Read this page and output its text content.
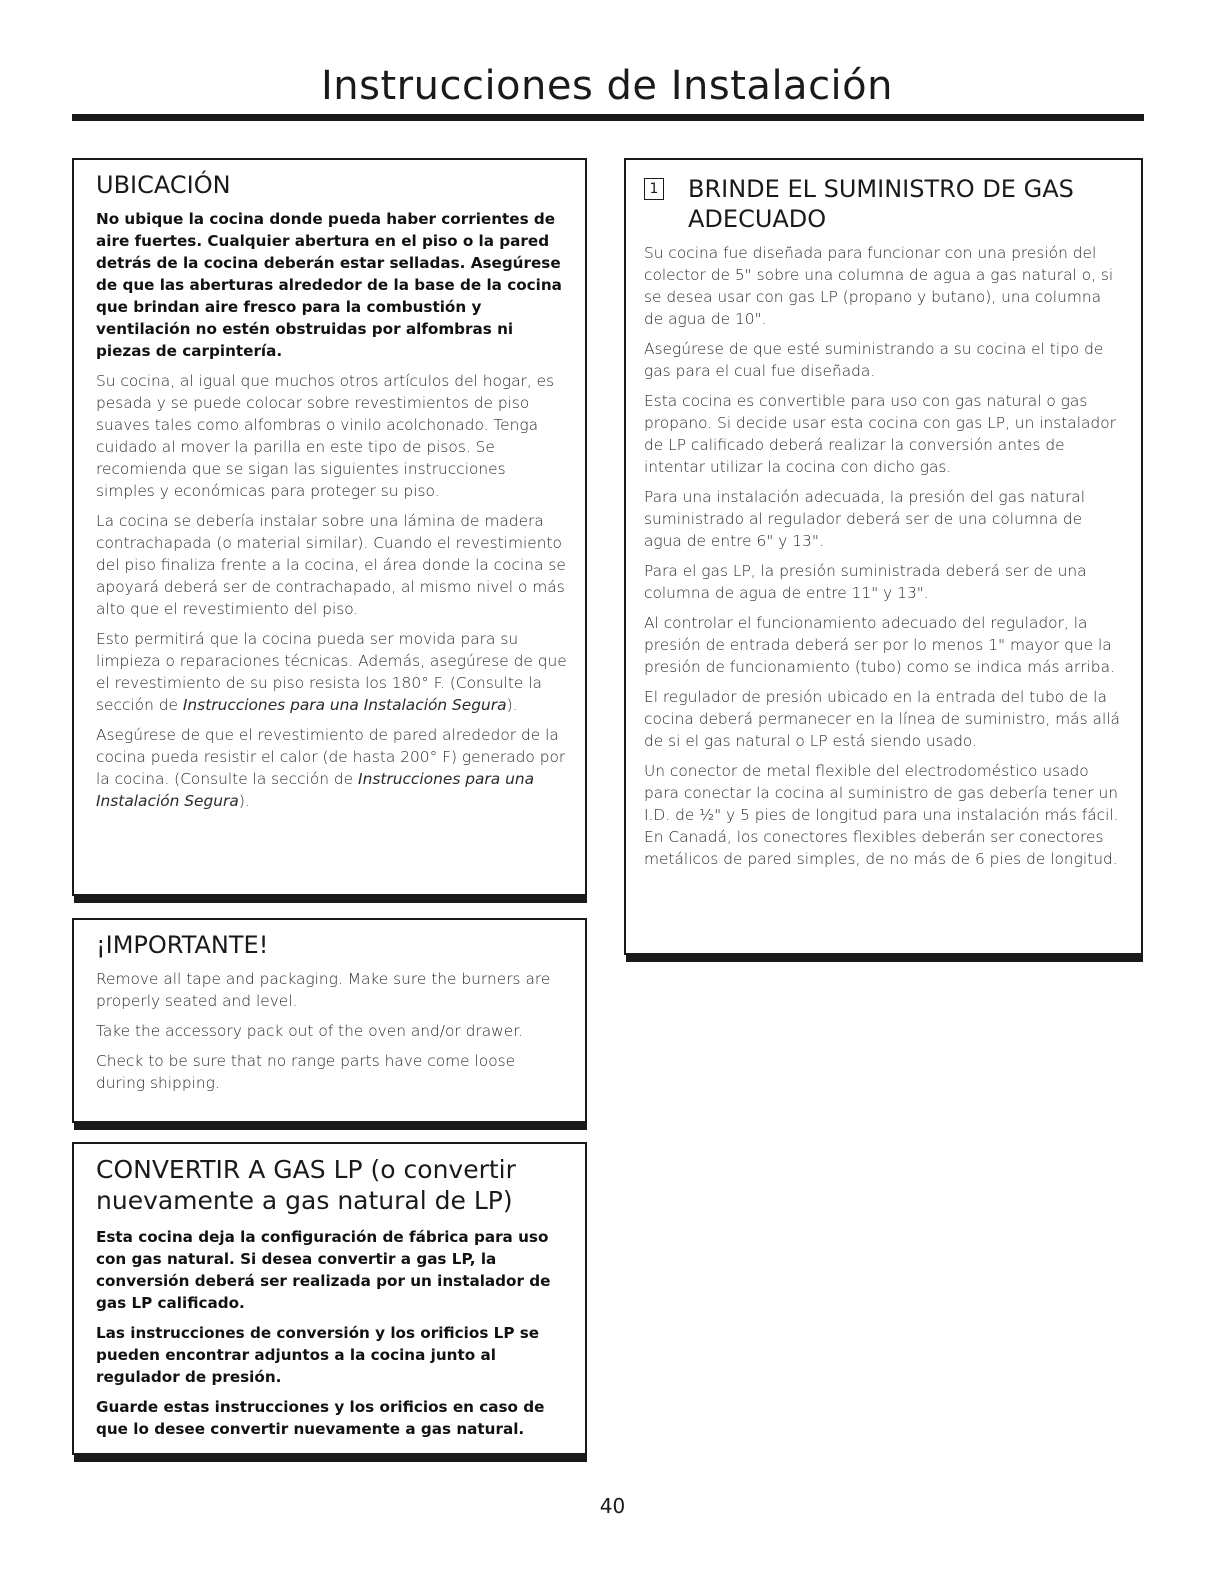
Instrucciones de Instalación
UBICACIÓN

No ubique la cocina donde pueda haber corrientes de aire fuertes. Cualquier abertura en el piso o la pared detrás de la cocina deberán estar selladas. Asegúrese de que las aberturas alrededor de la base de la cocina que brindan aire fresco para la combustión y ventilación no estén obstruidas por alfombras ni piezas de carpintería.

Su cocina, al igual que muchos otros artículos del hogar, es pesada y se puede colocar sobre revestimientos de piso suaves tales como alfombras o vinilo acolchonado. Tenga cuidado al mover la parilla en este tipo de pisos. Se recomienda que se sigan las siguientes instrucciones simples y económicas para proteger su piso.

La cocina se debería instalar sobre una lámina de madera contrachapada (o material similar). Cuando el revestimiento del piso finaliza frente a la cocina, el área donde la cocina se apoyará deberá ser de contrachapado, al mismo nivel o más alto que el revestimiento del piso.

Esto permitirá que la cocina pueda ser movida para su limpieza o reparaciones técnicas. Además, asegúrese de que el revestimiento de su piso resista los 180° F. (Consulte la sección de Instrucciones para una Instalación Segura).

Asegúrese de que el revestimiento de pared alrededor de la cocina pueda resistir el calor (de hasta 200° F) generado por la cocina. (Consulte la sección de Instrucciones para una Instalación Segura).

¡IMPORTANTE!

Remove all tape and packaging. Make sure the burners are properly seated and level.

Take the accessory pack out of the oven and/or drawer.

Check to be sure that no range parts have come loose during shipping.

CONVERTIR A GAS LP (o convertir nuevamente a gas natural de LP)

Esta cocina deja la configuración de fábrica para uso con gas natural. Si desea convertir a gas LP, la conversión deberá ser realizada por un instalador de gas LP calificado.

Las instrucciones de conversión y los orificios LP se pueden encontrar adjuntos a la cocina junto al regulador de presión.

Guarde estas instrucciones y los orificios en caso de que lo desee convertir nuevamente a gas natural.

1	BRINDE EL SUMINISTRO DE GAS
ADECUADO

Su cocina fue diseñada para funcionar con una presión del colector de 5" sobre una columna de agua a gas natural o, si se desea usar con gas LP (propano y butano), una columna de agua de 10".

Asegúrese de que esté suministrando a su cocina el tipo de gas para el cual fue diseñada.

Esta cocina es convertible para uso con gas natural o gas propano. Si decide usar esta cocina con gas LP, un instalador de LP calificado deberá realizar la conversión antes de intentar utilizar la cocina con dicho gas.

Para una instalación adecuada, la presión del gas natural suministrado al regulador deberá ser de una columna de agua de entre 6" y 13".

Para el gas LP, la presión suministrada deberá ser de una columna de agua de entre 11" y 13".

Al controlar el funcionamiento adecuado del regulador, la presión de entrada deberá ser por lo menos 1" mayor que la presión de funcionamiento (tubo) como se indica más arriba.

El regulador de presión ubicado en la entrada del tubo de la cocina deberá permanecer en la línea de suministro, más allá de si el gas natural o LP está siendo usado.

Un conector de metal flexible del electrodoméstico usado para conectar la cocina al suministro de gas debería tener un I.D. de ½" y 5 pies de longitud para una instalación más fácil. En Canadá, los conectores flexibles deberán ser conectores metálicos de pared simples, de no más de 6 pies de longitud.

40
